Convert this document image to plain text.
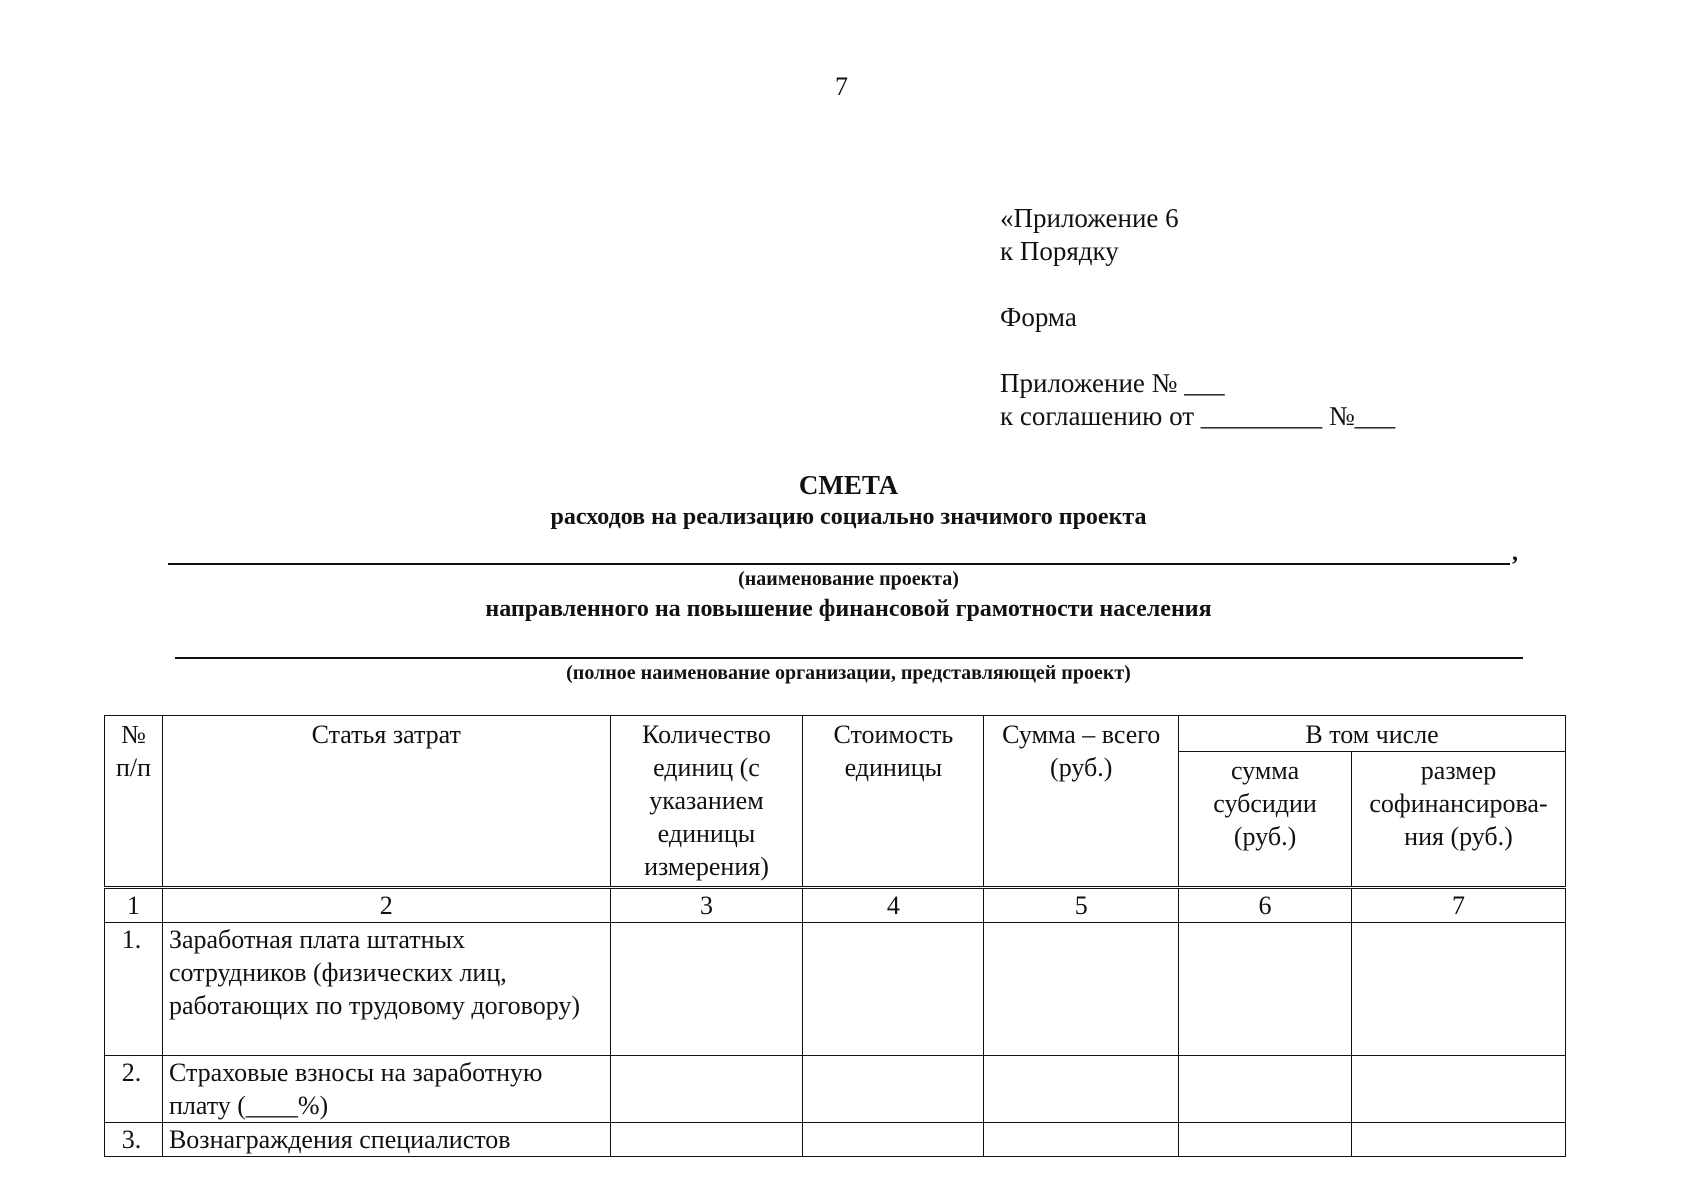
7
«Приложение 6
к Порядку
Форма
Приложение № ___
к соглашению от _________ №___
СМЕТА
расходов на реализацию социально значимого проекта
,
(наименование проекта)
направленного на повышение финансовой грамотности населения
(полное наименование организации, представляющей проект)
№ п/п	Статья затрат	Количество единиц (с указанием единицы измерения)	Стоимость единицы	Сумма – всего (руб.)	В том числе	
					сумма субсидии (руб.)	размер софинансирова-ния (руб.)
1	2	3	4	5	6	7
1.	Заработная плата штатных сотрудников (физических лиц, работающих по трудовому договору)					
2.	Страховые взносы на заработную плату (____%)					
3.	Вознаграждения специалистов					
